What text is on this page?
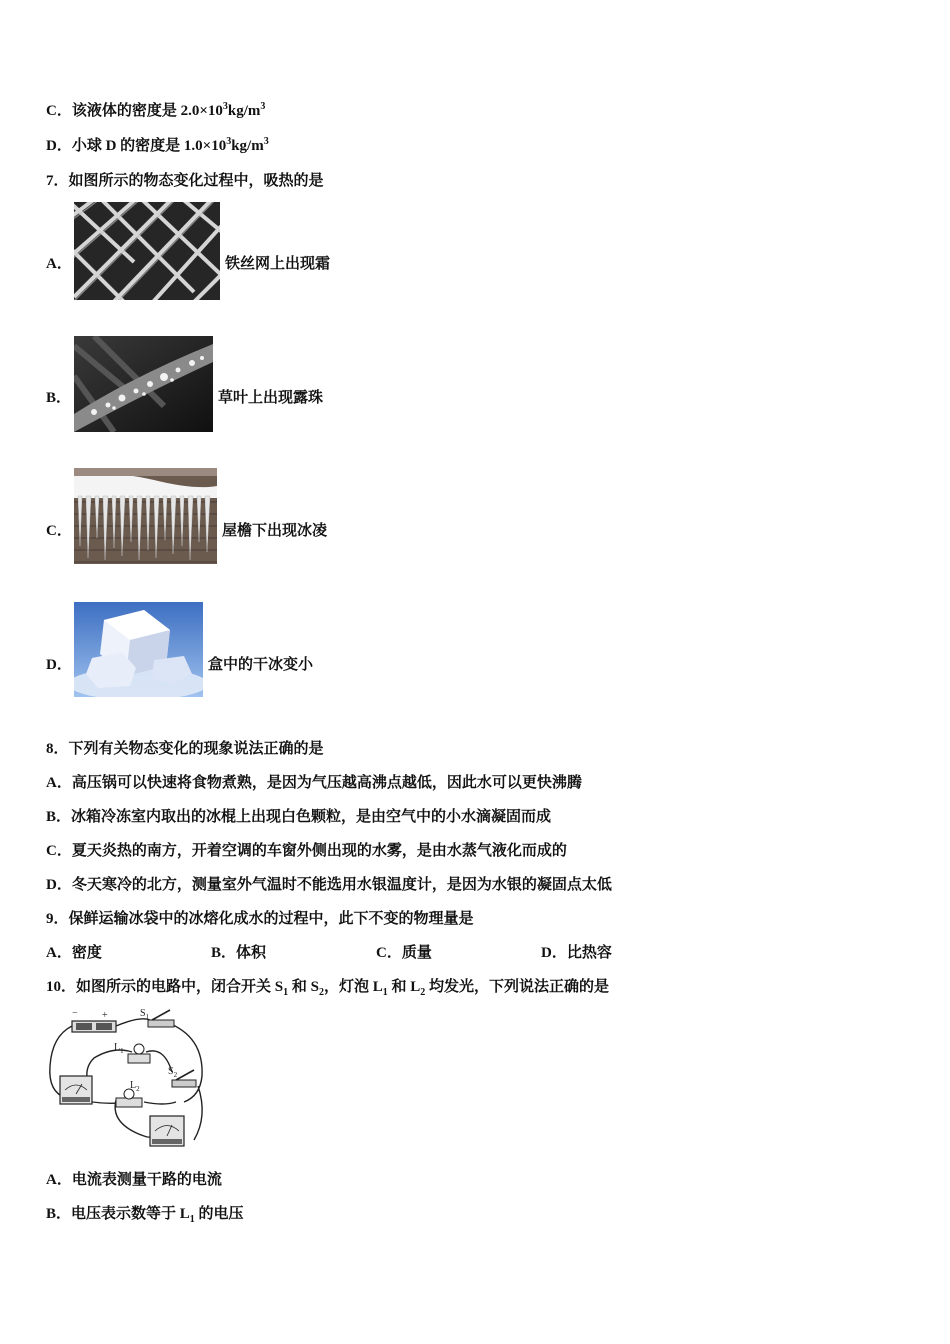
C．该液体的密度是 $2.0\times 10^3kg/m^3$
D．小球 D 的密度是 $1.0\times 10^3kg/m^3$
7．如图所示的物态变化过程中，吸热的是
A．	铁丝网上出现霜
B．	草叶上出现露珠
C．	屋檐下出现冰凌
D．	盒中的干冰变小
8．下列有关物态变化的现象说法正确的是
A．高压锅可以快速将食物煮熟，是因为气压越高沸点越低，因此水可以更快沸腾
B．冰箱冷冻室内取出的冰棍上出现白色颗粒，是由空气中的小水滴凝固而成
C．夏天炎热的南方，开着空调的车窗外侧出现的水雾，是由水蒸气液化而成的
D．冬天寒冷的北方，测量室外气温时不能选用水银温度计，是因为水银的凝固点太低
9．保鲜运输冰袋中的冰熔化成水的过程中，此下不变的物理量是
A．密度	B．体积	C．质量	D．比热容
10．如图所示的电路中，闭合开关 $S_1$ 和 $S_2$，灯泡 $L_1$ 和 $L_2$ 均发光，下列说法正确的是
− +	$S_1$
$L_1$
$S_2$
$L_2$
A．电流表测量干路的电流
B．电压表示数等于 $L_1$ 的电压
